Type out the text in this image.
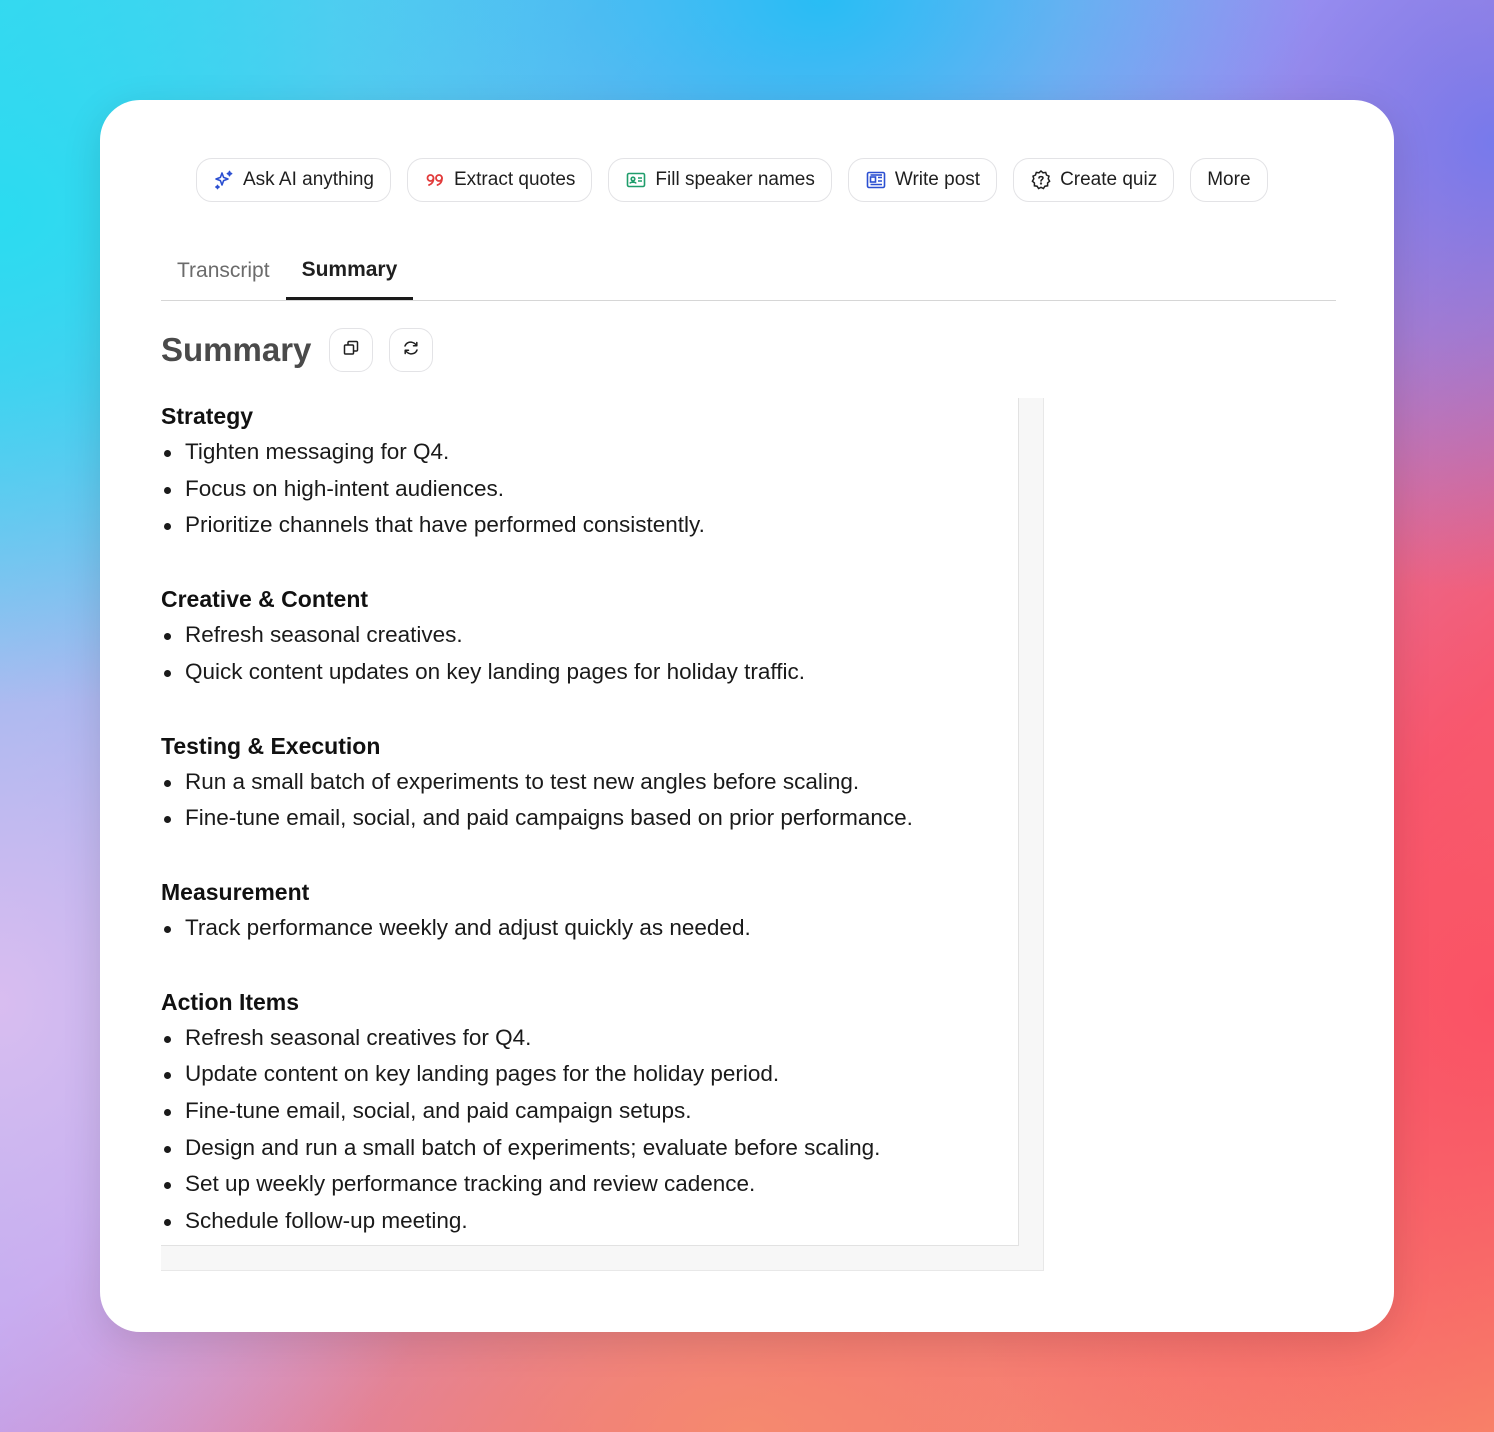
Ask AI anything	Extract quotes	Fill speaker names	Write post	Create quiz	More
Transcript	Summary
Summary
Strategy
Tighten messaging for Q4.
Focus on high-intent audiences.
Prioritize channels that have performed consistently.
Creative & Content
Refresh seasonal creatives.
Quick content updates on key landing pages for holiday traffic.
Testing & Execution
Run a small batch of experiments to test new angles before scaling.
Fine-tune email, social, and paid campaigns based on prior performance.
Measurement
Track performance weekly and adjust quickly as needed.
Action Items
Refresh seasonal creatives for Q4.
Update content on key landing pages for the holiday period.
Fine-tune email, social, and paid campaign setups.
Design and run a small batch of experiments; evaluate before scaling.
Set up weekly performance tracking and review cadence.
Schedule follow-up meeting.
